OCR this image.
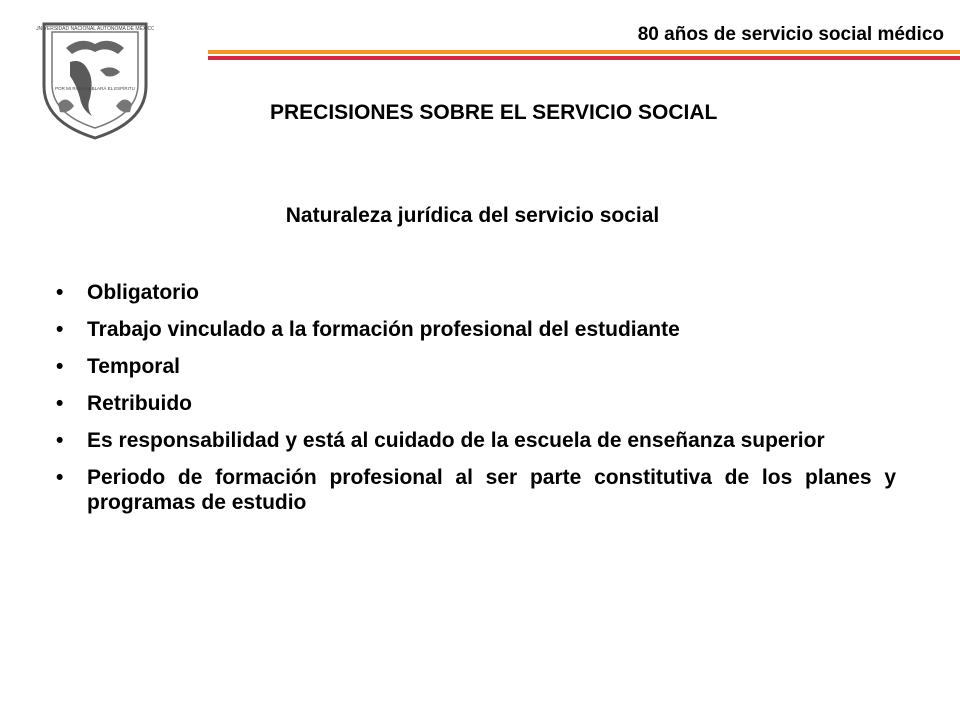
UNIVERSIDAD NACIONAL AUTÓNOMA DE MÉXICO
POR MI RAZA HABLARÁ EL ESPÍRITU
80 años de servicio social médico
PRECISIONES SOBRE EL SERVICIO SOCIAL
Naturaleza jurídica del servicio social
•	Obligatorio
•	Trabajo vinculado a la formación profesional del estudiante
•	Temporal
•	Retribuido
•	Es responsabilidad y está al cuidado de la escuela de enseñanza superior
•	Periodo de formación profesional al ser parte constitutiva de los planes y programas de estudio
